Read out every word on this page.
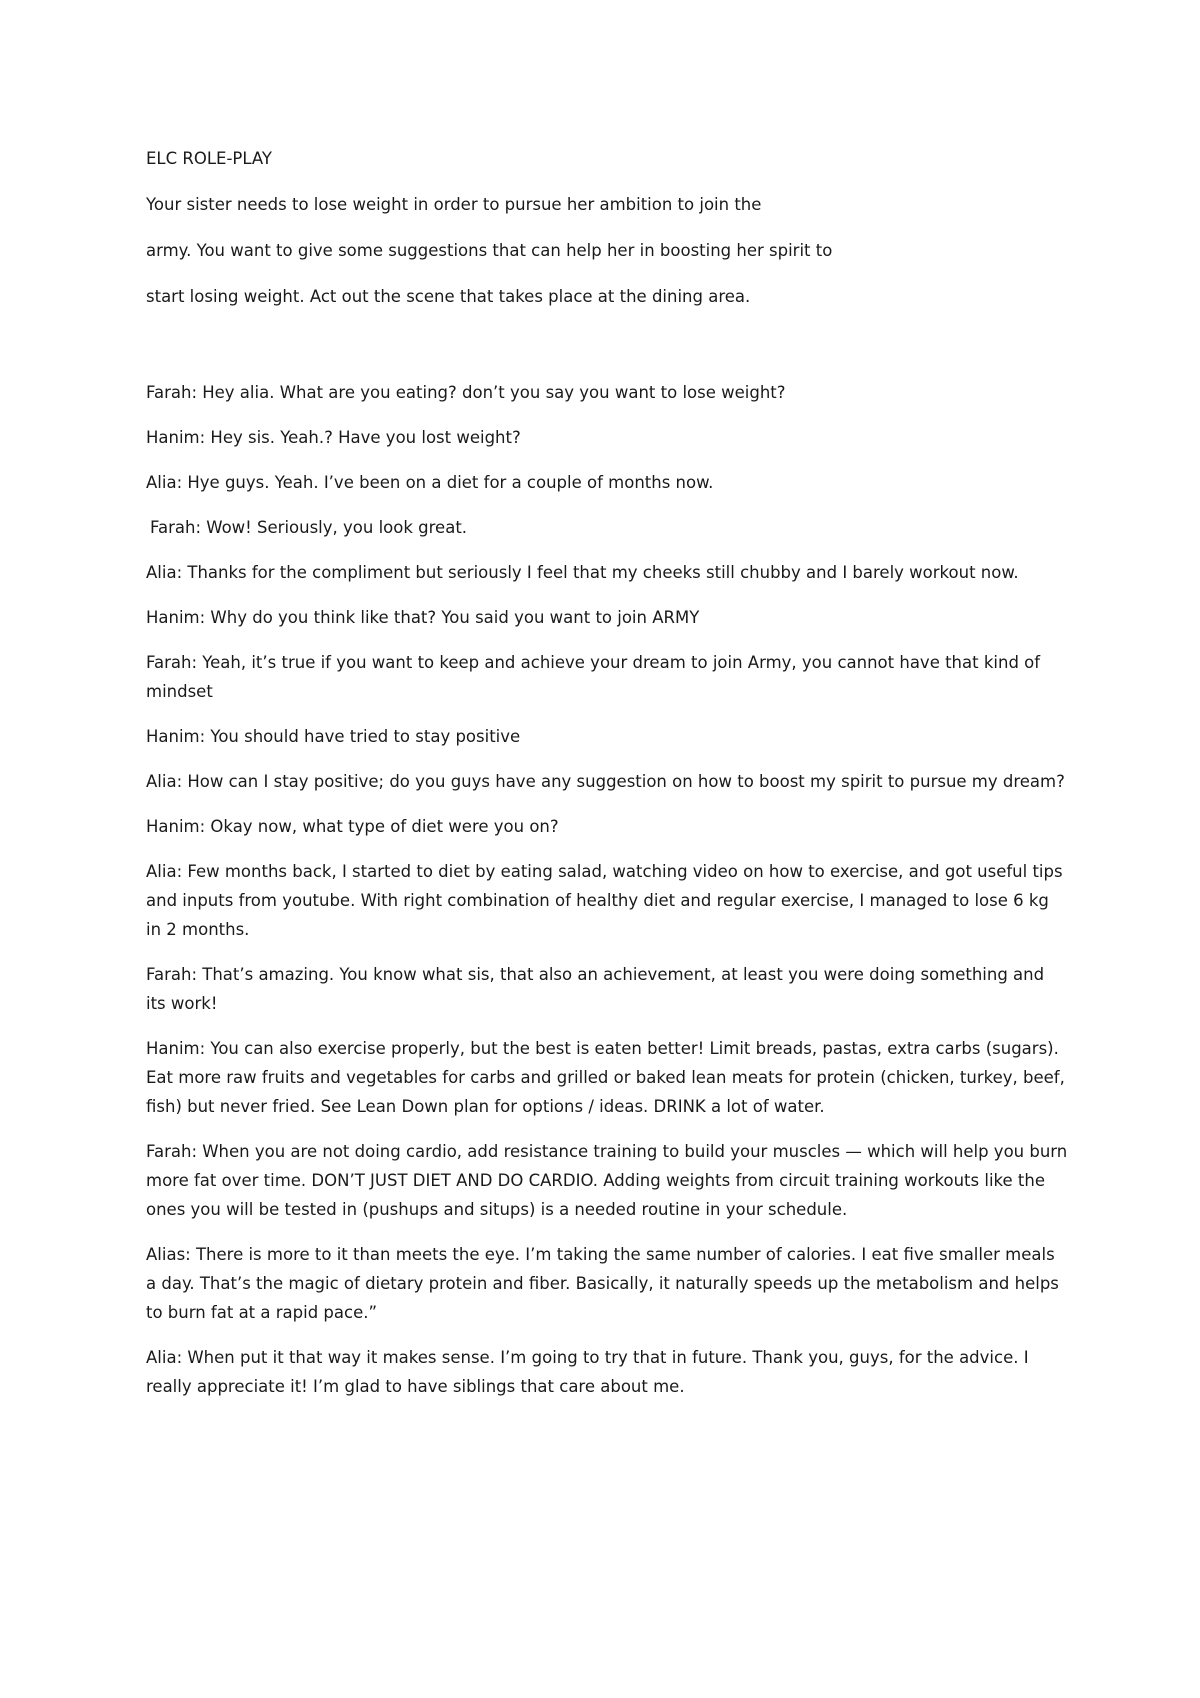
ELC ROLE-PLAY

Your sister needs to lose weight in order to pursue her ambition to join the

army. You want to give some suggestions that can help her in boosting her spirit to

start losing weight. Act out the scene that takes place at the dining area.

Farah: Hey alia. What are you eating? don’t you say you want to lose weight?

Hanim: Hey sis. Yeah.? Have you lost weight?

Alia: Hye guys. Yeah. I’ve been on a diet for a couple of months now.

Farah: Wow! Seriously, you look great.

Alia: Thanks for the compliment but seriously I feel that my cheeks still chubby and I barely workout now.

Hanim: Why do you think like that? You said you want to join ARMY

Farah: Yeah, it’s true if you want to keep and achieve your dream to join Army, you cannot have that kind of mindset

Hanim: You should have tried to stay positive

Alia: How can I stay positive; do you guys have any suggestion on how to boost my spirit to pursue my dream?

Hanim: Okay now, what type of diet were you on?

Alia: Few months back, I started to diet by eating salad, watching video on how to exercise, and got useful tips and inputs from youtube. With right combination of healthy diet and regular exercise, I managed to lose 6 kg in 2 months.

Farah: That’s amazing. You know what sis, that also an achievement, at least you were doing something and its work!

Hanim: You can also exercise properly, but the best is eaten better! Limit breads, pastas, extra carbs (sugars). Eat more raw fruits and vegetables for carbs and grilled or baked lean meats for protein (chicken, turkey, beef, fish) but never fried. See Lean Down plan for options / ideas. DRINK a lot of water.

Farah: When you are not doing cardio, add resistance training to build your muscles — which will help you burn more fat over time. DON’T JUST DIET AND DO CARDIO. Adding weights from circuit training workouts like the ones you will be tested in (pushups and situps) is a needed routine in your schedule.

Alias: There is more to it than meets the eye. I’m taking the same number of calories. I eat five smaller meals a day. That’s the magic of dietary protein and fiber. Basically, it naturally speeds up the metabolism and helps to burn fat at a rapid pace.”

Alia: When put it that way it makes sense. I’m going to try that in future. Thank you, guys, for the advice. I really appreciate it! I’m glad to have siblings that care about me.
